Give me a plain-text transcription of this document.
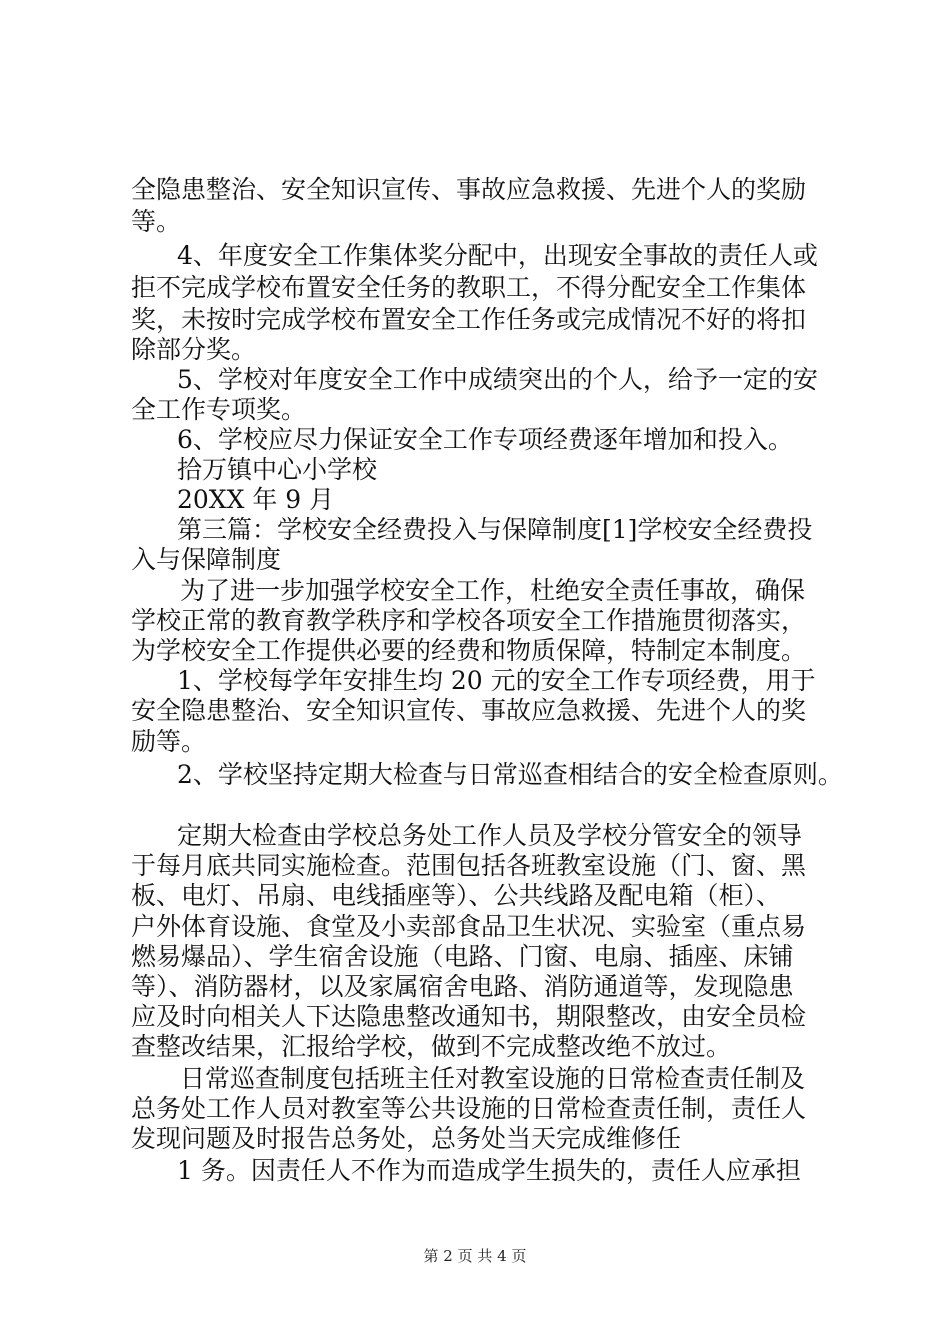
全隐患整治、安全知识宣传、事故应急救援、先进个人的奖励
等。
4、年度安全工作集体奖分配中，出现安全事故的责任人或
拒不完成学校布置安全任务的教职工，不得分配安全工作集体
奖，未按时完成学校布置安全工作任务或完成情况不好的将扣
除部分奖。
5、学校对年度安全工作中成绩突出的个人，给予一定的安
全工作专项奖。
6、学校应尽力保证安全工作专项经费逐年增加和投入。
拾万镇中心小学校
20XX 年 9 月
第三篇：学校安全经费投入与保障制度[1]学校安全经费投
入与保障制度
为了进一步加强学校安全工作，杜绝安全责任事故，确保
学校正常的教育教学秩序和学校各项安全工作措施贯彻落实，
为学校安全工作提供必要的经费和物质保障，特制定本制度。
1、学校每学年安排生均 20 元的安全工作专项经费，用于
安全隐患整治、安全知识宣传、事故应急救援、先进个人的奖
励等。
2、学校坚持定期大检查与日常巡查相结合的安全检查原则。
定期大检查由学校总务处工作人员及学校分管安全的领导
于每月底共同实施检查。范围包括各班教室设施（门、窗、黑
板、电灯、吊扇、电线插座等）、公共线路及配电箱（柜）、
户外体育设施、食堂及小卖部食品卫生状况、实验室（重点易
燃易爆品）、学生宿舍设施（电路、门窗、电扇、插座、床铺
等）、消防器材，以及家属宿舍电路、消防通道等，发现隐患
应及时向相关人下达隐患整改通知书，期限整改，由安全员检
查整改结果，汇报给学校，做到不完成整改绝不放过。
日常巡查制度包括班主任对教室设施的日常检查责任制及
总务处工作人员对教室等公共设施的日常检查责任制，责任人
发现问题及时报告总务处，总务处当天完成维修任
1 务。因责任人不作为而造成学生损失的，责任人应承担
第 2 页 共 4 页
